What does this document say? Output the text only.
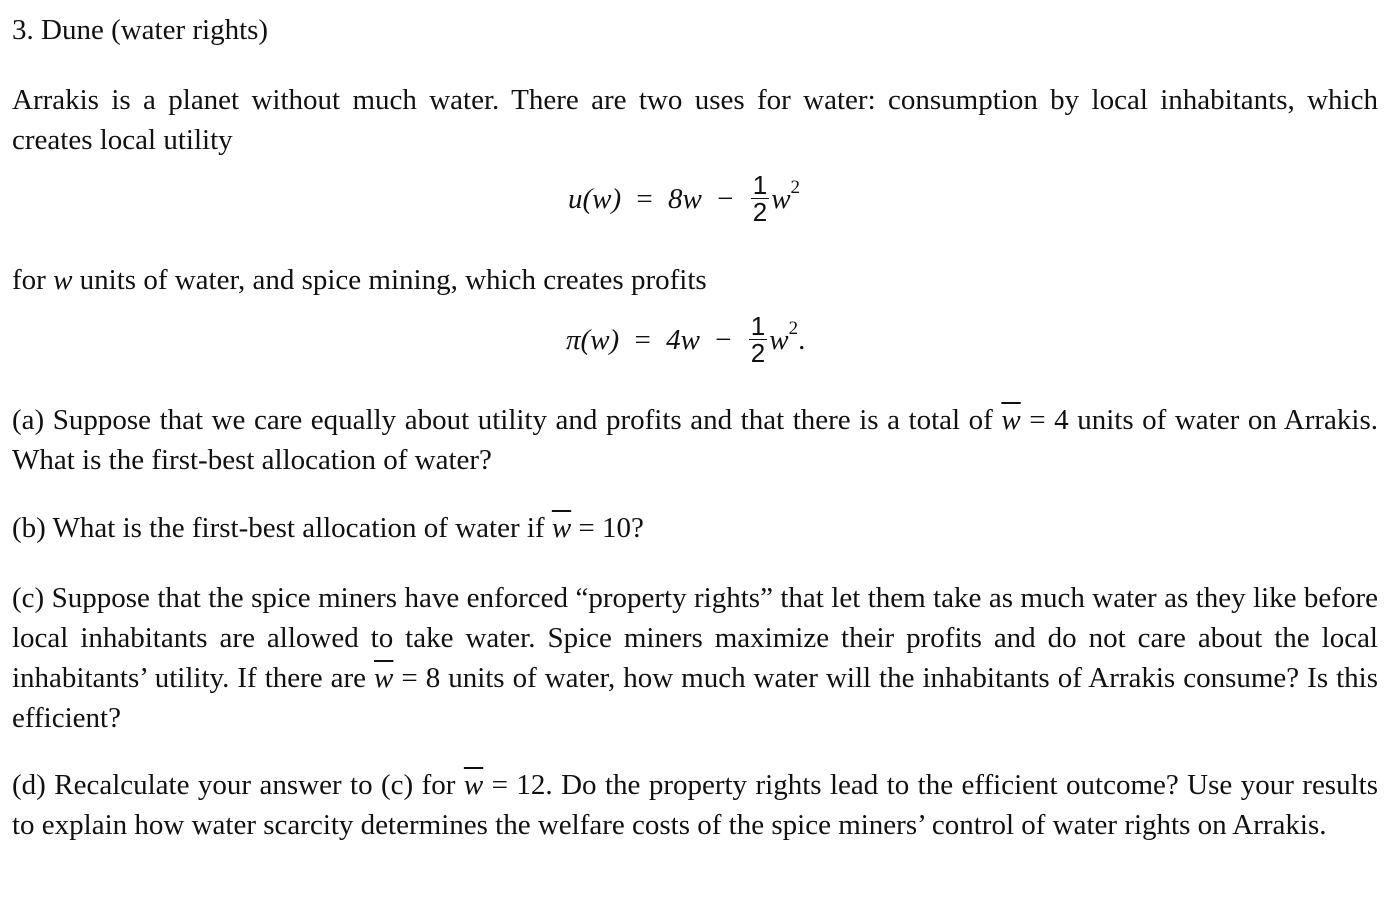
3. Dune (water rights)

Arrakis is a planet without much water. There are two uses for water: consumption by local inhabitants, which creates local utility

$u(w) = 8w - \frac{1}{2} w^2$

for w units of water, and spice mining, which creates profits

$\pi(w) = 4w - \frac{1}{2} w^2$.

(a) Suppose that we care equally about utility and profits and that there is a total of $\overline{w} = 4$ units of water on Arrakis. What is the first-best allocation of water?

(b) What is the first-best allocation of water if $\overline{w} = 10$?

(c) Suppose that the spice miners have enforced “property rights” that let them take as much water as they like before local inhabitants are allowed to take water. Spice miners maximize their profits and do not care about the local inhabitants’ utility. If there are $\overline{w} = 8$ units of water, how much water will the inhabitants of Arrakis consume? Is this efficient?

(d) Recalculate your answer to (c) for $\overline{w} = 12$. Do the property rights lead to the efficient outcome? Use your results to explain how water scarcity determines the welfare costs of the spice miners’ control of water rights on Arrakis.
